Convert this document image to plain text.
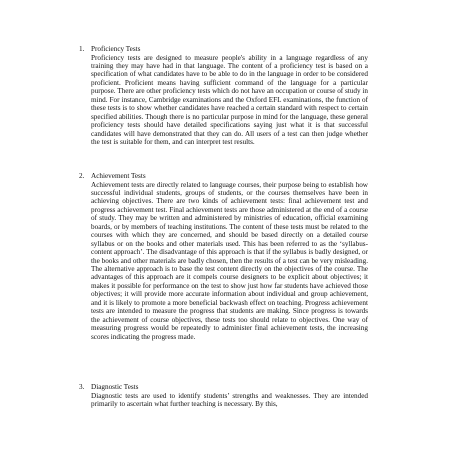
1. Proficiency Tests

Proficiency tests are designed to measure people's ability in a language regardless of any training they may have had in that language. The content of a proficiency test is based on a specification of what candidates have to be able to do in the language in order to be considered proficient. Proficient means having sufficient command of the language for a particular purpose. There are other proficiency tests which do not have an occupation or course of study in mind. For instance, Cambridge examinations and the Oxford EFL examinations, the function of these tests is to show whether candidates have reached a certain standard with respect to certain specified abilities. Though there is no particular purpose in mind for the language, these general proficiency tests should have detailed specifications saying just what it is that successful candidates will have demonstrated that they can do. All users of a test can then judge whether the test is suitable for them, and can interpret test results.

2. Achievement Tests

Achievement tests are directly related to language courses, their purpose being to establish how successful individual students, groups of students, or the courses themselves have been in achieving objectives. There are two kinds of achievement tests: final achievement test and progress achievement test. Final achievement tests are those administered at the end of a course of study. They may be written and administered by ministries of education, official examining boards, or by members of teaching institutions. The content of these tests must be related to the courses with which they are concerned, and should be based directly on a detailed course syllabus or on the books and other materials used. This has been referred to as the ‘syllabus-content approach’. The disadvantage of this approach is that if the syllabus is badly designed, or the books and other materials are badly chosen, then the results of a test can be very misleading. The alternative approach is to base the test content directly on the objectives of the course. The advantages of this approach are it compels course designers to be explicit about objectives; it makes it possible for performance on the test to show just how far students have achieved those objectives; it will provide more accurate information about individual and group achievement, and it is likely to promote a more beneficial backwash effect on teaching. Progress achievement tests are intended to measure the progress that students are making. Since progress is towards the achievement of course objectives, these tests too should relate to objectives. One way of measuring progress would be repeatedly to administer final achievement tests, the increasing scores indicating the progress made.

3. Diagnostic Tests

Diagnostic tests are used to identify students’ strengths and weaknesses. They are intended primarily to ascertain what further teaching is necessary. By this,
